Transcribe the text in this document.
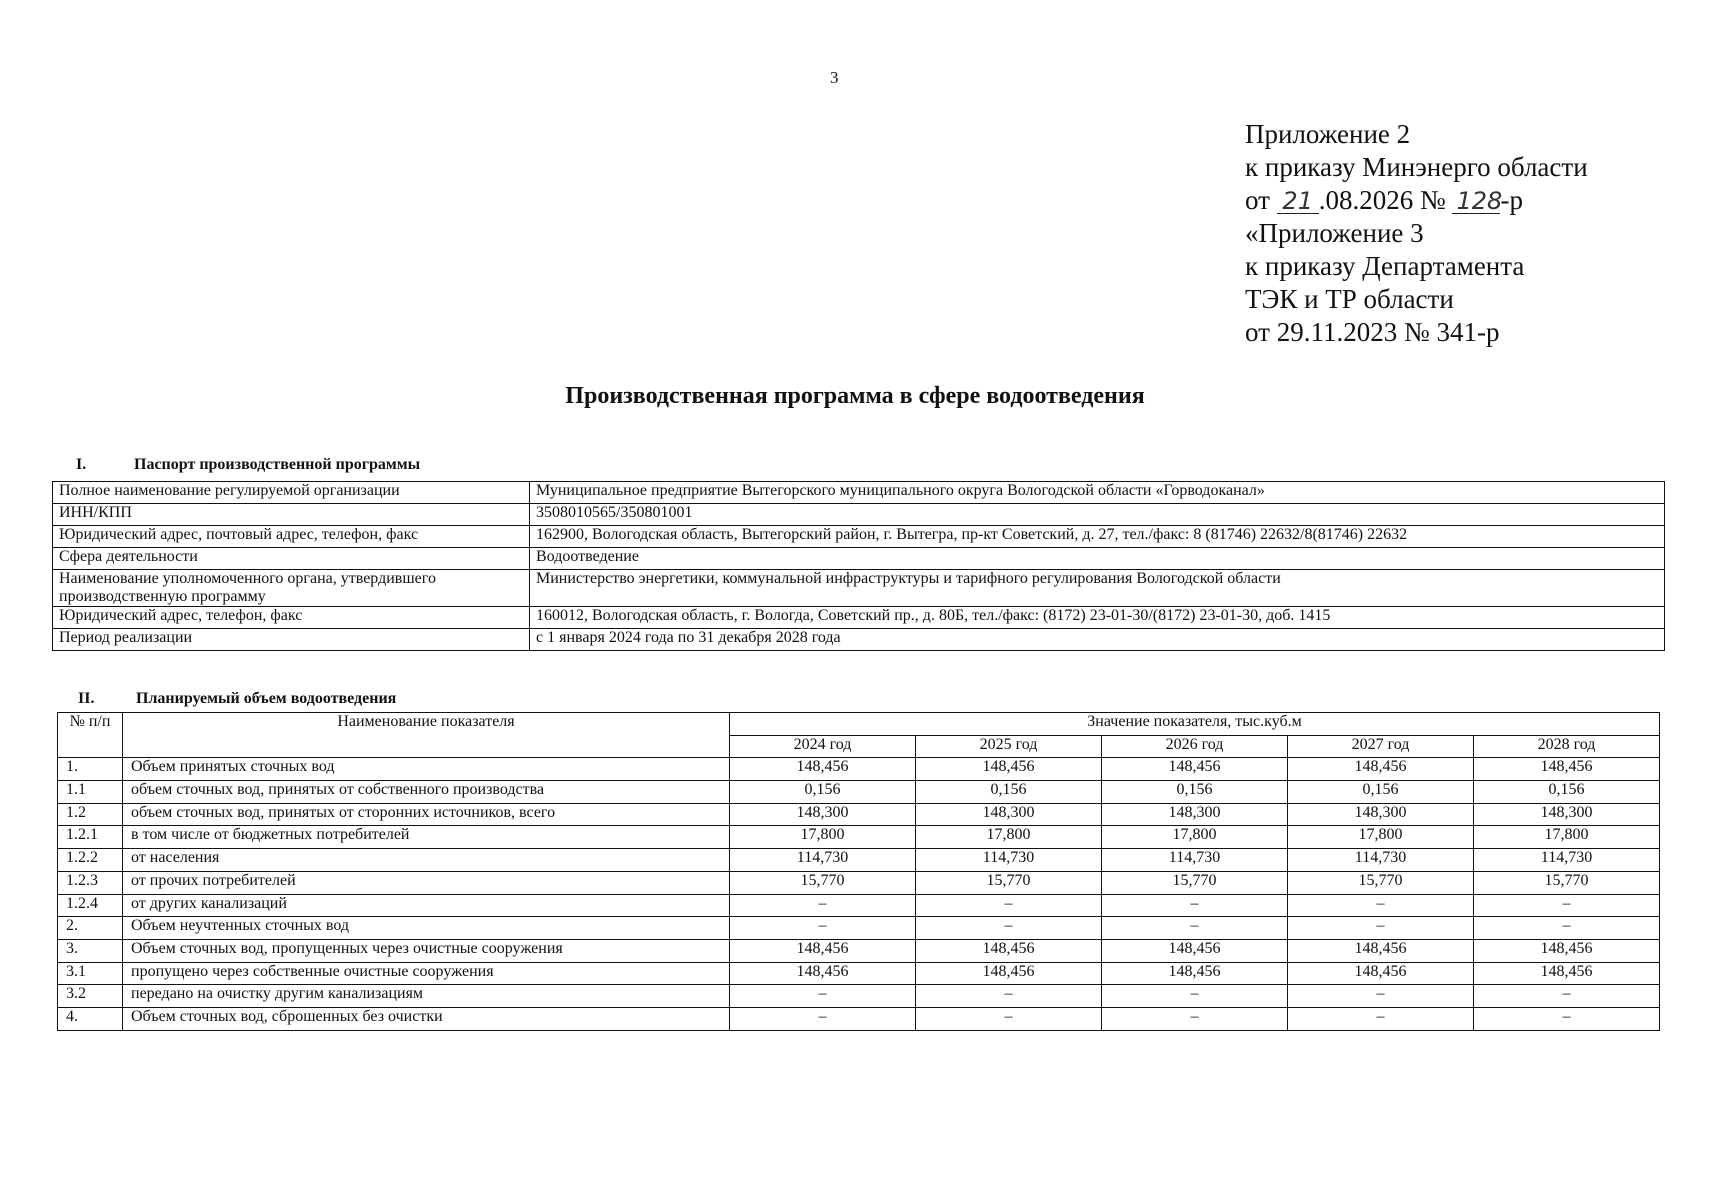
3
Приложение 2
к приказу Минэнерго области
от 21 .08.2026 № 128-р
«Приложение 3
к приказу Департамента
ТЭК и ТР области
от 29.11.2023 № 341-р
Производственная программа в сфере водоотведения
I.	Паспорт производственной программы
Полное наименование регулируемой организации	Муниципальное предприятие Вытегорского муниципального округа Вологодской области «Горводоканал»
ИНН/КПП	3508010565/350801001
Юридический адрес, почтовый адрес, телефон, факс	162900, Вологодская область, Вытегорский район, г. Вытегра, пр-кт Советский, д. 27, тел./факс: 8 (81746) 22632/8(81746) 22632
Сфера деятельности	Водоотведение
Наименование уполномоченного органа, утвердившего производственную программу	Министерство энергетики, коммунальной инфраструктуры и тарифного регулирования Вологодской области
Юридический адрес, телефон, факс	160012, Вологодская область, г. Вологда, Советский пр., д. 80Б, тел./факс: (8172) 23-01-30/(8172) 23-01-30, доб. 1415
Период реализации	с 1 января 2024 года по 31 декабря 2028 года
II.	Планируемый объем водоотведения
№ п/п	Наименование показателя	Значение показателя, тыс.куб.м				
		2024 год	2025 год	2026 год	2027 год	2028 год
1.	Объем принятых сточных вод	148,456	148,456	148,456	148,456	148,456
1.1	объем сточных вод, принятых от собственного производства	0,156	0,156	0,156	0,156	0,156
1.2	объем сточных вод, принятых от сторонних источников, всего	148,300	148,300	148,300	148,300	148,300
1.2.1	в том числе от бюджетных потребителей	17,800	17,800	17,800	17,800	17,800
1.2.2	от населения	114,730	114,730	114,730	114,730	114,730
1.2.3	от прочих потребителей	15,770	15,770	15,770	15,770	15,770
1.2.4	от других канализаций	–	–	–	–	–
2.	Объем неучтенных сточных вод	–	–	–	–	–
3.	Объем сточных вод, пропущенных через очистные сооружения	148,456	148,456	148,456	148,456	148,456
3.1	пропущено через собственные очистные сооружения	148,456	148,456	148,456	148,456	148,456
3.2	передано на очистку другим канализациям	–	–	–	–	–
4.	Объем сточных вод, сброшенных без очистки	–	–	–	–	–
